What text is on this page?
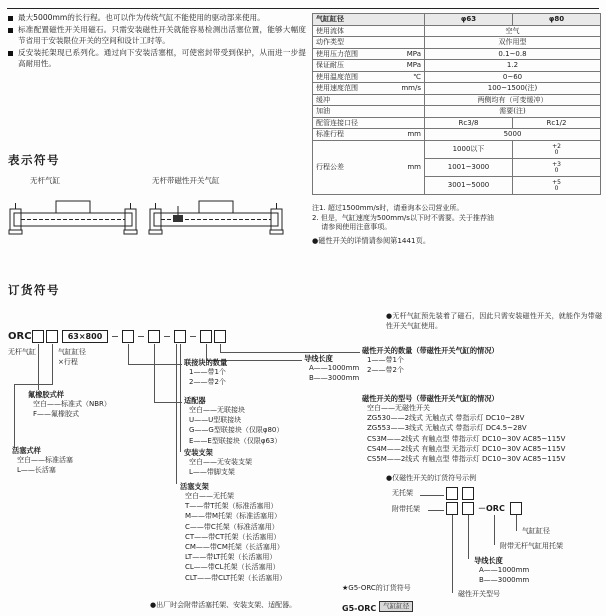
最大5000mm的长行程。也可以作为传统气缸不能使用的驱动部来使用。
标准配置磁性开关用磁石。只需安装磁性开关就能容易检测出活塞位置，能够大幅度节省用于安装限位开关的空间和设计工时等。
反安装托架现已系列化。通过向下安装活塞框，可使密封带受到保护，从而进一步提高耐用性。
气缸缸径	φ63	φ80
使用流体	空气	
动作类型	双作用型	
使用压力范围 MPa	0.1~0.8	
保证耐压 MPa	1.2	
使用温度范围 ℃	0~60	
使用速度范围 mm/s	100~1500(注)	
缓冲	两侧均有（可变缓冲）	
加油	需要(注)	
配管连接口径	Rc3/8	Rc1/2
标准行程 mm	5000	
行程公差 mm	1000以下	+2
0

	1001~3000	+3
0

	3001~5000	+5
0
注1. 超过1500mm/s时，请垂询本公司营业所。
2. 但是，气缸速度为500mm/s以下时不需要。关于推荐油
　 请参阅使用注意事项。
●磁性开关的详情请参阅第1441页。
表示符号
无杆气缸	无杆带磁性开关气缸
订货符号
ORC	63×800
无杆气缸	气缸缸径
×行程
氟橡胶式样
空白——标准式（NBR）
F——氟橡胶式
活塞式样
空白——标准活塞
L——长活塞
联接块的数量
1——带1个
2——带2个
适配器
空白——无联接块
U——U型联接块
G——G型联接块（仅限φ80）
E——E型联接块（仅限φ63）
安装支架
空白——无安装支架
L——带脚支架
活塞支架
空白——无托架
T——带T托架（标准活塞用）
M——带M托架（标准活塞用）
C——带C托架（标准活塞用）
CT——带CT托架（长活塞用）
CM——带CM托架（长活塞用）
LT——带LT托架（长活塞用）
CL——带CL托架（长活塞用）
CLT——带CLT托架（长活塞用）
导线长度
A——1000mm
B——3000mm
磁性开关的数量（带磁性开关气缸的情况）
1——带1个
2——带2个
磁性开关的型号（带磁性开关气缸的情况）
空白——无磁性开关
ZG530——2线式 无触点式 带指示灯 DC10~28V
ZG553——3线式 无触点式 带指示灯 DC4.5~28V
CS3M——2线式 有触点型 带指示灯 DC10~30V AC85~115V
CS4M——2线式 有触点型 无指示灯 DC10~30V AC85~115V
CS5M——2线式 有触点型 带指示灯 DC10~30V AC85~115V
●无杆气缸预先装着了磁石，因此只需安装磁性开关，就能作为带磁性开关气缸使用。
●仅磁性开关的订货符号示例
无托架
附带托架	－ ORC
气缸缸径
附带无杆气缸用托架
导线长度
A——1000mm
B——3000mm
磁性开关型号
★G5-ORC的订货符号
G5-ORC 气缸缸径
●出厂时会附带活塞托架、安装支架、适配器。
